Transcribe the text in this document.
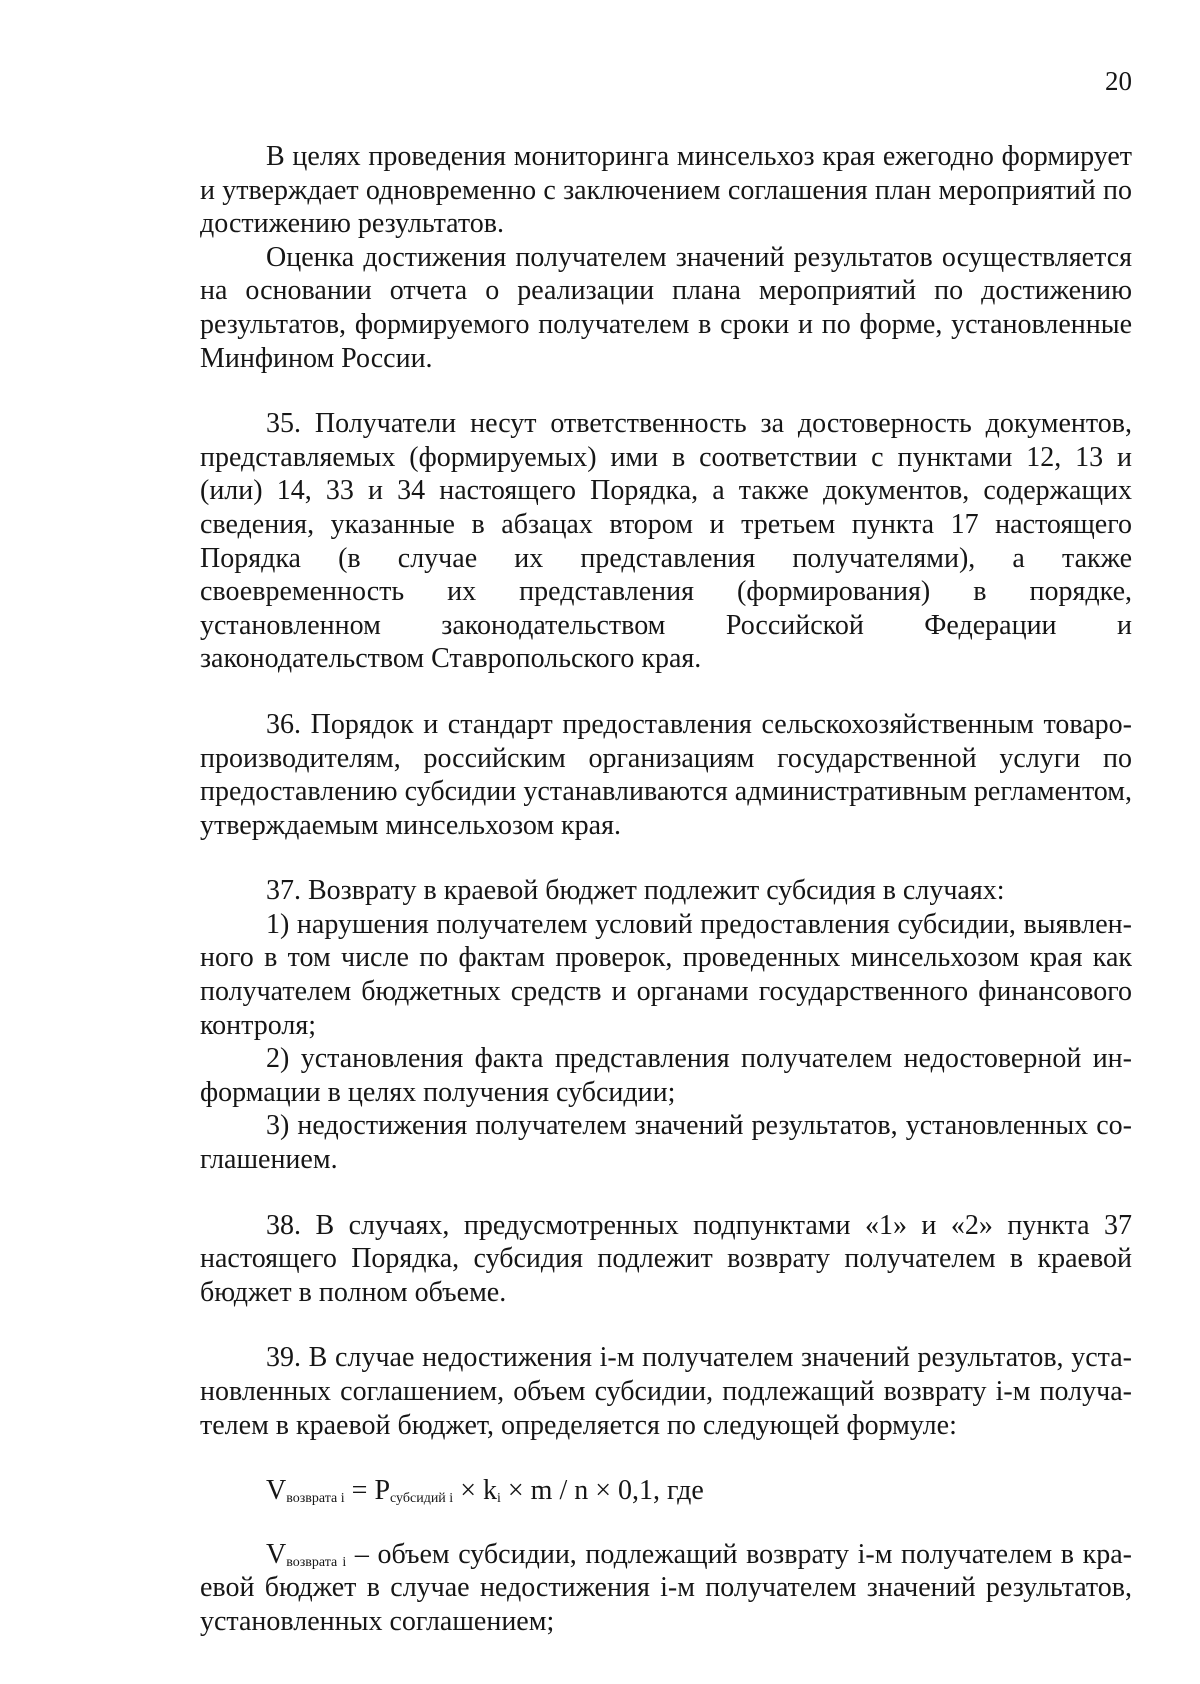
20

В целях проведения мониторинга минсельхоз края ежегодно формирует и утверждает одновременно с заключением соглашения план мероприятий по достижению результатов.

Оценка достижения получателем значений результатов осуществляется на основании отчета о реализации плана мероприятий по достижению результатов, формируемого получателем в сроки и по форме, установленные Минфином России.

35. Получатели несут ответственность за достоверность документов, представляемых (формируемых) ими в соответствии с пунктами 12, 13 и (или) 14, 33 и 34 настоящего Порядка, а также документов, содержащих сведения, указанные в абзацах втором и третьем пункта 17 настоящего Порядка (в случае их представления получателями), а также своевременность их представления (формирования) в порядке, установленном законодательством Российской Федерации и законодательством Ставропольского края.

36. Порядок и стандарт предоставления сельскохозяйственным товаропроизводителям, российским организациям государственной услуги по предоставлению субсидии устанавливаются административным регламентом, утверждаемым минсельхозом края.

37. Возврату в краевой бюджет подлежит субсидия в случаях:

1) нарушения получателем условий предоставления субсидии, выявленного в том числе по фактам проверок, проведенных минсельхозом края как получателем бюджетных средств и органами государственного финансового контроля;

2) установления факта представления получателем недостоверной информации в целях получения субсидии;

3) недостижения получателем значений результатов, установленных соглашением.

38. В случаях, предусмотренных подпунктами «1» и «2» пункта 37 настоящего Порядка, субсидия подлежит возврату получателем в краевой бюджет в полном объеме.

39. В случае недостижения i-м получателем значений результатов, установленных соглашением, объем субсидии, подлежащий возврату i-м получателем в краевой бюджет, определяется по следующей формуле:

$V_{возврата i} = P_{субсидий i} \times k_i \times m / n \times 0,1$, где

$V_{возврата i}$ – объем субсидии, подлежащий возврату i-м получателем в краевой бюджет в случае недостижения i-м получателем значений результатов, установленных соглашением;
